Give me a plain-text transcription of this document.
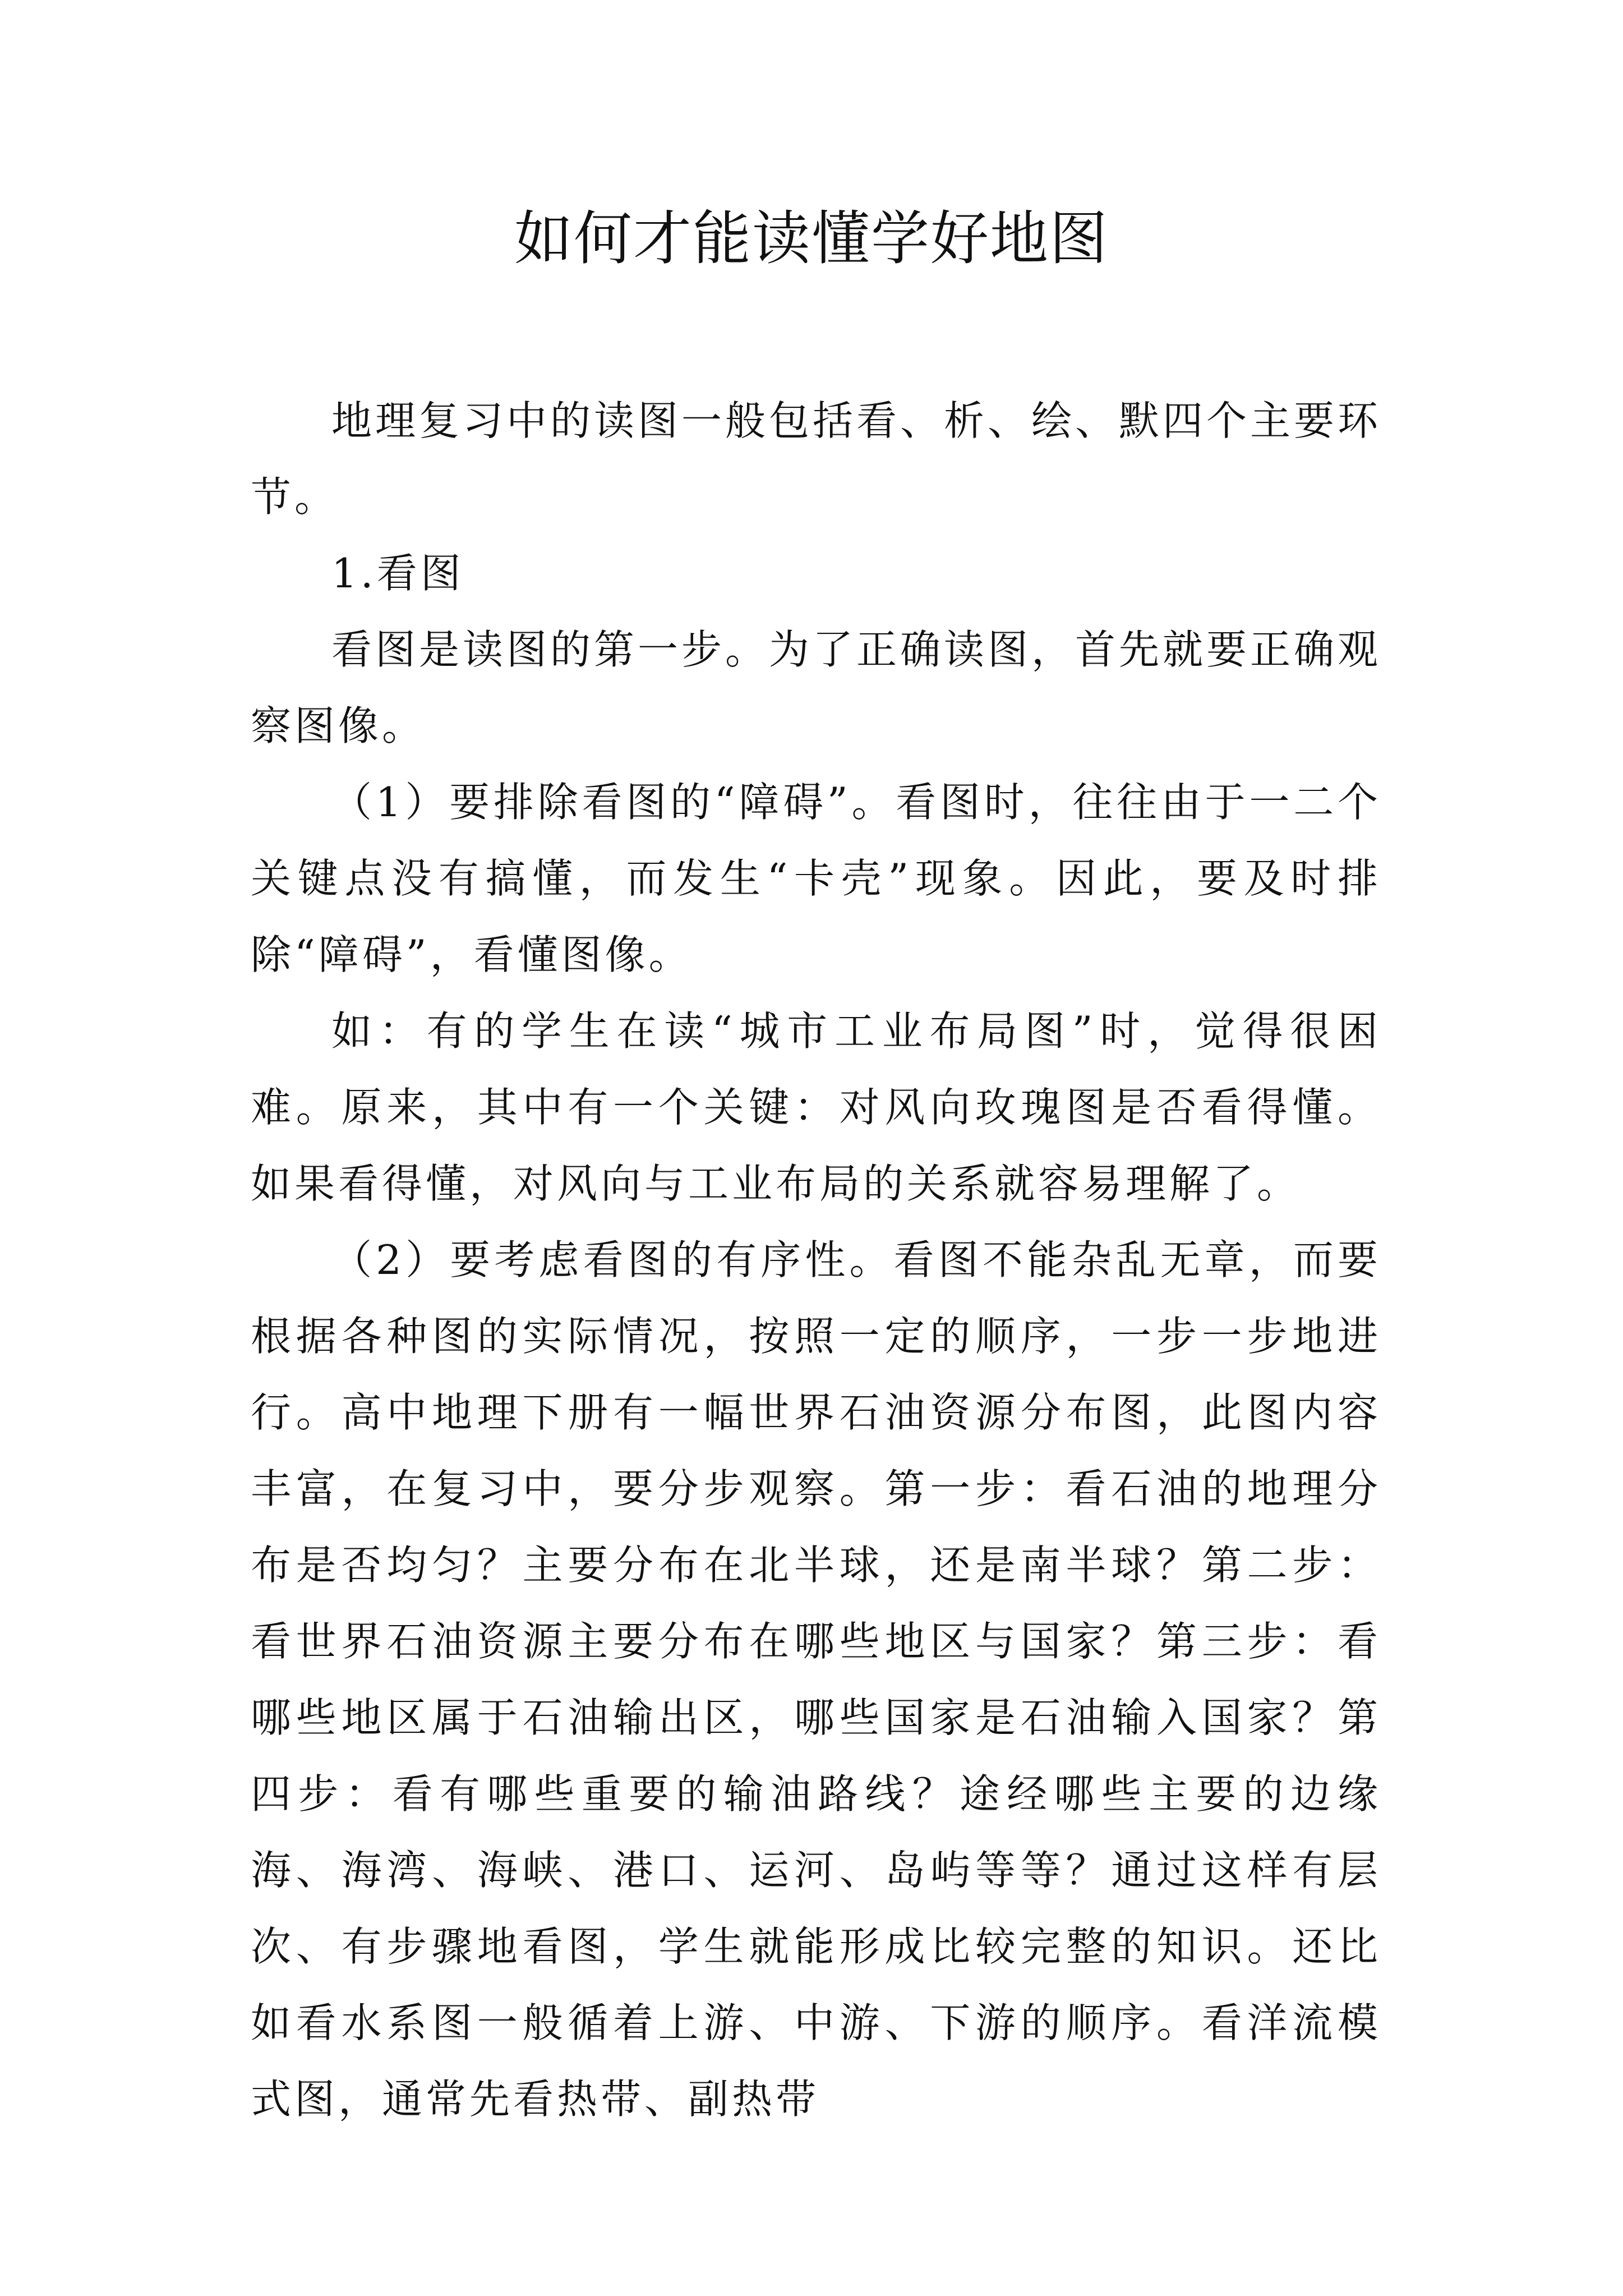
如何才能读懂学好地图

地理复习中的读图一般包括看、析、绘、默四个主要环节。

1.看图

看图是读图的第一步。为了正确读图，首先就要正确观察图像。

（1）要排除看图的“障碍”。看图时，往往由于一二个关键点没有搞懂，而发生“卡壳”现象。因此，要及时排除“障碍”，看懂图像。

如：有的学生在读“城市工业布局图”时，觉得很困难。原来，其中有一个关键：对风向玫瑰图是否看得懂。如果看得懂，对风向与工业布局的关系就容易理解了。

（2）要考虑看图的有序性。看图不能杂乱无章，而要根据各种图的实际情况，按照一定的顺序，一步一步地进行。高中地理下册有一幅世界石油资源分布图，此图内容丰富，在复习中，要分步观察。第一步：看石油的地理分布是否均匀？主要分布在北半球，还是南半球？第二步：看世界石油资源主要分布在哪些地区与国家？第三步：看哪些地区属于石油输出区，哪些国家是石油输入国家？第四步：看有哪些重要的输油路线？途经哪些主要的边缘海、海湾、海峡、港口、运河、岛屿等等？通过这样有层次、有步骤地看图，学生就能形成比较完整的知识。还比如看水系图一般循着上游、中游、下游的顺序。看洋流模式图，通常先看热带、副热带
